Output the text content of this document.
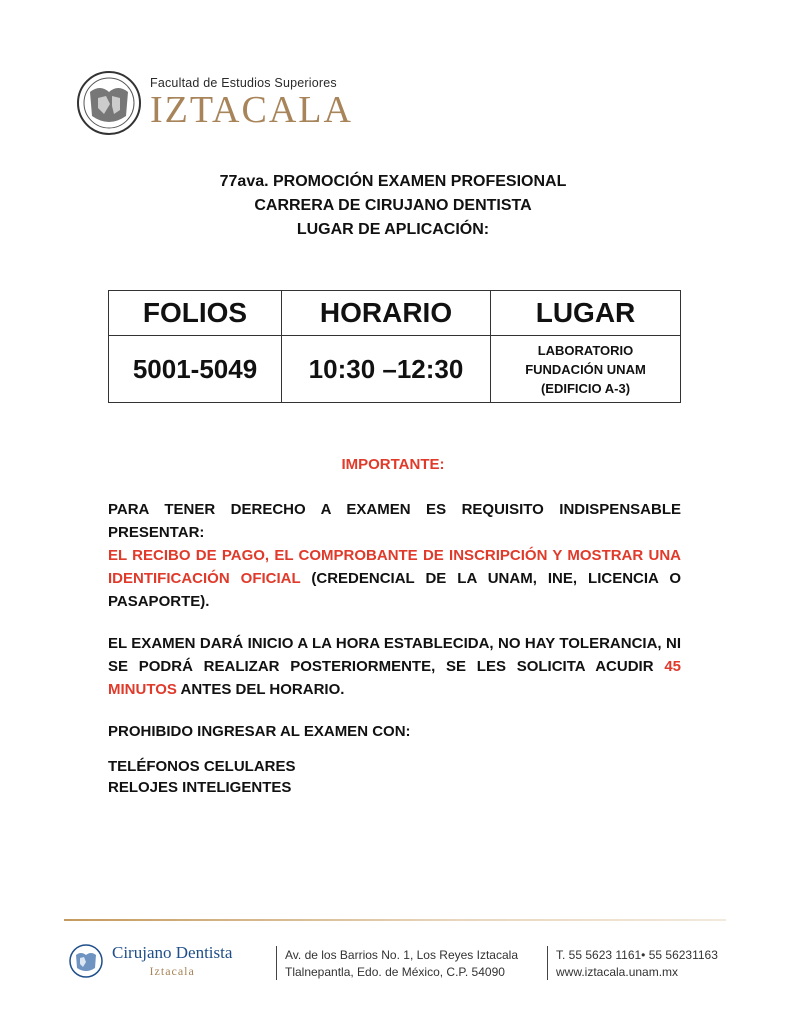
Facultad de Estudios Superiores
IZTACALA
77ava. PROMOCIÓN EXAMEN PROFESIONAL
CARRERA DE CIRUJANO DENTISTA
LUGAR DE APLICACIÓN:
FOLIOS	HORARIO	LUGAR
5001-5049	10:30 –12:30	LABORATORIO
FUNDACIÓN UNAM
(EDIFICIO A-3)
IMPORTANTE:
PARA TENER DERECHO A EXAMEN ES REQUISITO INDISPENSABLE PRESENTAR:
EL RECIBO DE PAGO, EL COMPROBANTE DE INSCRIPCIÓN Y MOSTRAR UNA IDENTIFICACIÓN OFICIAL (CREDENCIAL DE LA UNAM, INE, LICENCIA O PASAPORTE).
EL EXAMEN DARÁ INICIO A LA HORA ESTABLECIDA, NO HAY TOLERANCIA, NI SE PODRÁ REALIZAR POSTERIORMENTE, SE LES SOLICITA ACUDIR 45 MINUTOS ANTES DEL HORARIO.
PROHIBIDO INGRESAR AL EXAMEN CON:
TELÉFONOS CELULARES
RELOJES INTELIGENTES
Cirujano Dentista
Iztacala
Av. de los Barrios No. 1, Los Reyes Iztacala
Tlalnepantla, Edo. de México, C.P. 54090
T. 55 5623 1161• 55 56231163
www.iztacala.unam.mx
